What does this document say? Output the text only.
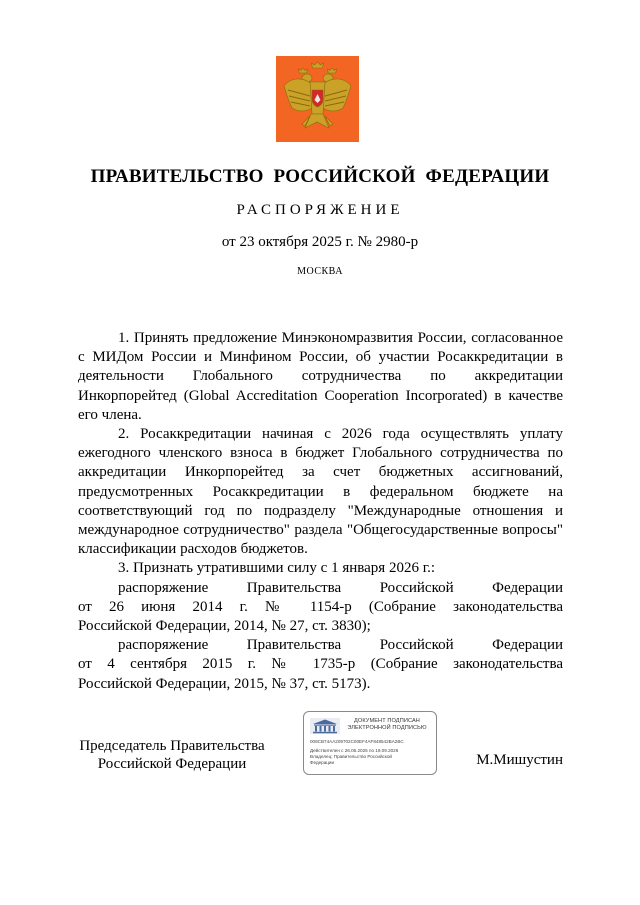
ПРАВИТЕЛЬСТВО РОССИЙСКОЙ ФЕДЕРАЦИИ
РАСПОРЯЖЕНИЕ
от 23 октября 2025 г. № 2980-р
МОСКВА

1. Принять предложение Минэкономразвития России, согласованное с МИДом России и Минфином России, об участии Росаккредитации в деятельности Глобального сотрудничества по аккредитации Инкорпорейтед (Global Accreditation Cooperation Incorporated) в качестве его члена.

2. Росаккредитации начиная с 2026 года осуществлять уплату ежегодного членского взноса в бюджет Глобального сотрудничества по аккредитации Инкорпорейтед за счет бюджетных ассигнований, предусмотренных Росаккредитации в федеральном бюджете на соответствующий год по подразделу "Международные отношения и международное сотрудничество" раздела "Общегосударственные вопросы" классификации расходов бюджетов.

3. Признать утратившими силу с 1 января 2026 г.:

распоряжение Правительства Российской Федерации
от 26 июня 2014 г. № 1154-р (Собрание законодательства
Российской Федерации, 2014, № 27, ст. 3830);
распоряжение Правительства Российской Федерации
от 4 сентября 2015 г. № 1735-р (Собрание законодательства
Российской Федерации, 2015, № 37, ст. 5173).
Председатель Правительства
Российской Федерации
ДОКУМЕНТ ПОДПИСАН
ЭЛЕКТРОННОЙ ПОДПИСЬЮ
008CB74AA209702C00EF4AF848542BA2BC
Действителен с 26.06.2025 по 19.09.2026
Владелец: Правительство Российской
Федерации	М.Мишустин
